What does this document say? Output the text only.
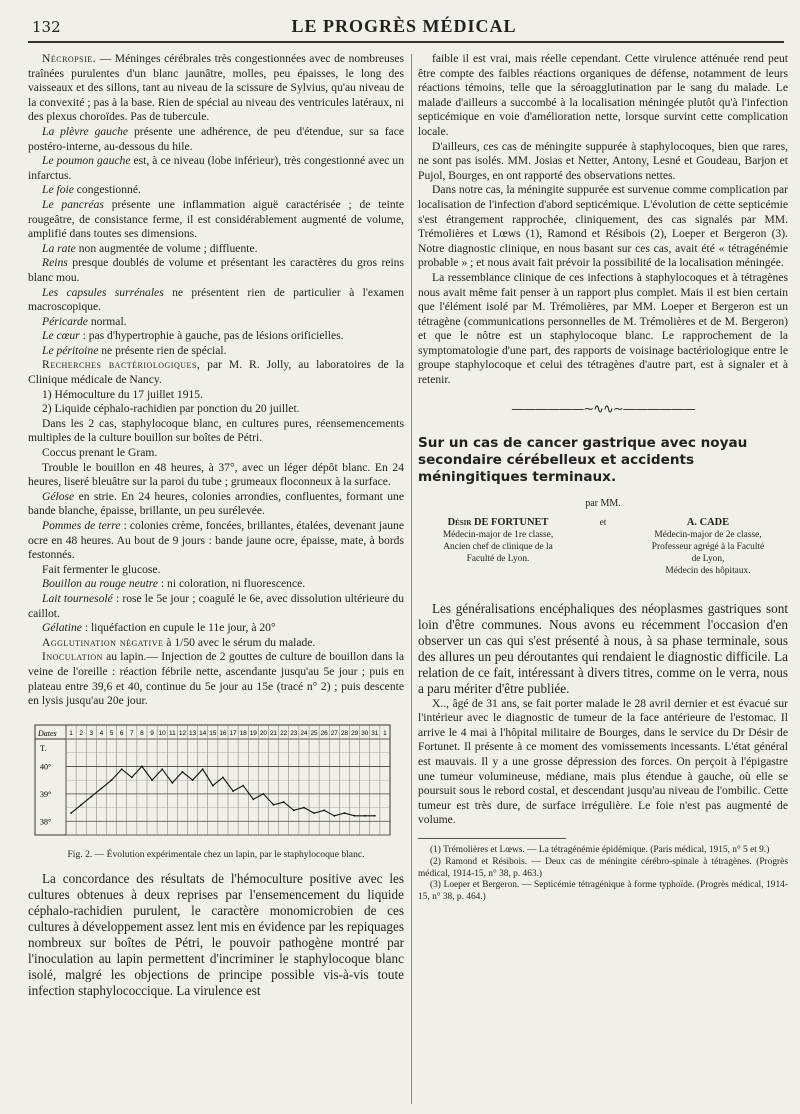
132	LE PROGRÈS MÉDICAL

Nécropsie. — Méninges cérébrales très congestionnées avec de nombreuses traînées purulentes d'un blanc jaunâtre, molles, peu épaisses, le long des vaisseaux et des sillons, tant au niveau de la scissure de Sylvius, qu'au niveau de la convexité ; pas à la base. Rien de spécial au niveau des ventricules latéraux, ni des plexus choroïdes. Pas de tubercule.

La plèvre gauche présente une adhérence, de peu d'étendue, sur sa face postéro-interne, au-dessous du hile.

Le poumon gauche est, à ce niveau (lobe inférieur), très congestionné avec un infarctus.

Le foie congestionné.

Le pancréas présente une inflammation aiguë caractérisée ; de teinte rougeâtre, de consistance ferme, il est considérablement augmenté de volume, amplifié dans toutes ses dimensions.

La rate non augmentée de volume ; diffluente.

Reins presque doublés de volume et présentant les caractères du gros reins blanc mou.

Les capsules surrénales ne présentent rien de particulier à l'examen macroscopique.

Péricarde normal.

Le cœur : pas d'hypertrophie à gauche, pas de lésions orificielles.

Le péritoine ne présente rien de spécial.

Recherches bactériologiques, par M. R. Jolly, au laboratoires de la Clinique médicale de Nancy.

1) Hémoculture du 17 juillet 1915.

2) Liquide céphalo-rachidien par ponction du 20 juillet.

Dans les 2 cas, staphylocoque blanc, en cultures pures, réensemencements multiples de la culture bouillon sur boîtes de Pétri.

Coccus prenant le Gram.

Trouble le bouillon en 48 heures, à 37°, avec un léger dépôt blanc. En 24 heures, liseré bleuâtre sur la paroi du tube ; grumeaux floconneux à la surface.

Gélose en strie. En 24 heures, colonies arrondies, confluentes, formant une bande blanche, épaisse, brillante, un peu surélevée.

Pommes de terre : colonies crème, foncées, brillantes, étalées, devenant jaune ocre en 48 heures. Au bout de 9 jours : bande jaune ocre, épaisse, mate, à bords festonnés.

Fait fermenter le glucose.

Bouillon au rouge neutre : ni coloration, ni fluorescence.

Lait tournesolé : rose le 5e jour ; coagulé le 6e, avec dissolution ultérieure du caillot.

Gélatine : liquéfaction en cupule le 11e jour, à 20°

Agglutination négative à 1/50 avec le sérum du malade.

Inoculation au lapin.— Injection de 2 gouttes de culture de bouillon dans la veine de l'oreille : réaction fébrile nette, ascendante jusqu'au 5e jour ; puis en plateau entre 39,6 et 40, continue du 5e jour au 15e (tracé n° 2) ; puis descente en lysis jusqu'au 20e jour.

Dates 1 2 3 4 5 6 7 8 9 10 11 12 13 14 15 16 17 18 19 20 21 22 23 24 25 26 27 28 29 30 31 1
T.
40°
39°
38°
Fig. 2. — Évolution expérimentale chez un lapin, par le staphylocoque blanc.

La concordance des résultats de l'hémoculture positive avec les cultures obtenues à deux reprises par l'ensemencement du liquide céphalo-rachidien purulent, le caractère monomicrobien de ces cultures à développement assez lent mis en évidence par les repiquages nombreux sur boîtes de Pétri, le pouvoir pathogène montré par l'inoculation au lapin permettent d'incriminer le staphylocoque blanc isolé, malgré les objections de principe possible vis-à-vis toute infection staphylococcique. La virulence est

faible il est vrai, mais réelle cependant. Cette virulence atténuée rend peut être compte des faibles réactions organiques de défense, notamment de leurs réactions témoins, telle que la séroagglutination par le sang du malade. Le malade d'ailleurs a succombé à la localisation méningée plutôt qu'à l'infection septicémique en voie d'amélioration nette, lorsque survint cette complication locale.

D'ailleurs, ces cas de méningite suppurée à staphylocoques, bien que rares, ne sont pas isolés. MM. Josias et Netter, Antony, Lesné et Goudeau, Barjon et Pujol, Bourges, en ont rapporté des observations nettes.

Dans notre cas, la méningite suppurée est survenue comme complication par localisation de l'infection d'abord septicémique. L'évolution de cette septicémie s'est étrangement rapprochée, cliniquement, des cas signalés par MM. Trémolières et Lœws (1), Ramond et Résibois (2), Loeper et Bergeron (3). Notre diagnostic clinique, en nous basant sur ces cas, avait été « tétragénémie probable » ; et nous avait fait prévoir la possibilité de la localisation méningée.

La ressemblance clinique de ces infections à staphylocoques et à tétragènes nous avait même fait penser à un rapport plus complet. Mais il est bien certain que l'élément isolé par M. Trémolières, par MM. Loeper et Bergeron est un tétragène (communications personnelles de M. Trémolières et de M. Bergeron) et que le nôtre est un staphylocoque blanc. Le rapprochement de la symptomatologie d'une part, des rapports de voisinage bactériologique entre le groupe staphylocoque et celui des tétragènes d'autre part, est à signaler et à retenir.

——————∼∿∿∼——————
Sur un cas de cancer gastrique avec noyau secondaire cérébelleux et accidents méningitiques terminaux.
par MM.
Désir DE FORTUNET
Médecin-major de 1re classe,
Ancien chef de clinique de la
Faculté de Lyon.
et	A. CADE
Médecin-major de 2e classe,
Professeur agrégé à la Faculté
de Lyon,
Médecin des hôpitaux.

Les généralisations encéphaliques des néoplasmes gastriques sont loin d'être communes. Nous avons eu récemment l'occasion d'en observer un cas qui s'est présenté à nous, à sa phase terminale, sous des allures un peu déroutantes qui rendaient le diagnostic difficile. La relation de ce fait, intéressant à divers titres, comme on le verra, nous a paru mériter d'être publiée.

X.., âgé de 31 ans, se fait porter malade le 28 avril dernier et est évacué sur l'intérieur avec le diagnostic de tumeur de la face antérieure de l'estomac. Il arrive le 4 mai à l'hôpital militaire de Bourges, dans le service du Dr Désir de Fortunet. Il présente à ce moment des vomissements incessants. L'état général est mauvais. Il y a une grosse dépression des forces. On perçoit à l'épigastre une tumeur volumineuse, médiane, mais plus étendue à gauche, où elle se poursuit sous le rebord costal, et descendant jusqu'au niveau de l'ombilic. Cette tumeur est très dure, de surface irrégulière. Le foie n'est pas augmenté de volume.

(1) Trémolières et Lœws. — La tétragénémie épidémique. (Paris médical, 1915, n° 5 et 9.)

(2) Ramond et Résibois. — Deux cas de méningite cérébro-spinale à tétragènes. (Progrès médical, 1914-15, n° 38, p. 463.)

(3) Loeper et Bergeron. — Septicémie tétragénique à forme typhoïde. (Progrès médical, 1914-15, n° 38, p. 464.)
